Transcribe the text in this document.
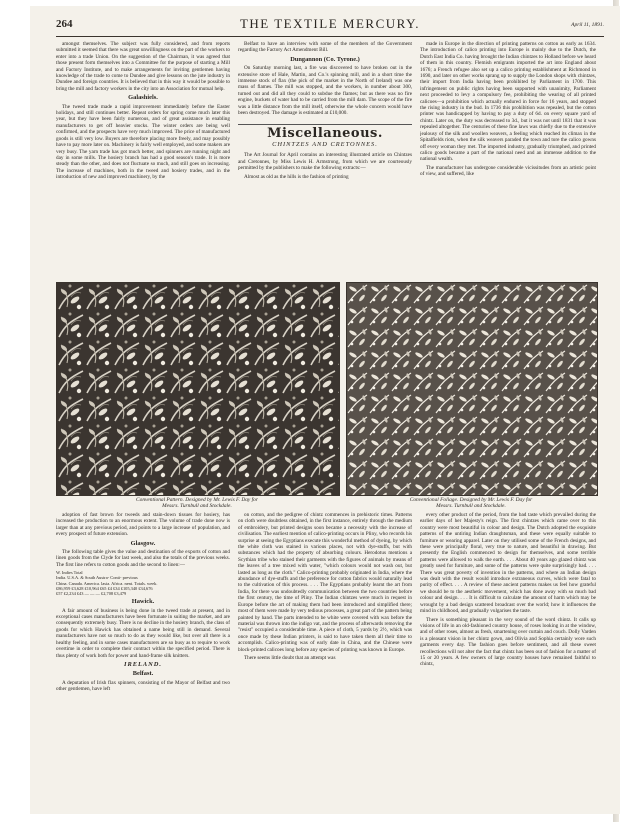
264	THE TEXTILE MERCURY.	April 11, 1891.

amongst themselves. The subject was fully considered, and from reports submitted it seemed that there was great unwillingness on the part of the workers to enter into a trade Union. On the suggestion of the Chairman, it was agreed that those present form themselves into a Committee for the purpose of starting a Mill and Factory Institute, and to make arrangements for inviting gentlemen having knowledge of the trade to come to Dundee and give lessons on the jute industry in Dundee and foreign countries. It is believed that in this way it would be possible to bring the mill and factory workers in the city into an Association for mutual help.

Galashiels.

The tweed trade made a rapid improvement immediately before the Easter holidays, and still continues better. Repeat orders for spring come much later this year, but they have been fairly numerous, and of great assistance in enabling manufacturers to get off heavier stocks. The winter orders are being well confirmed, and the prospects have very much improved. The price of manufactured goods is still very low. Buyers are therefore placing more freely, and may possibly have to pay more later on. Machinery is fairly well employed, and some makers are very busy. The yarn trade has got much better, and spinners are running night and day in some mills. The hosiery branch has had a good season's trade. It is more steady than the other, and does not fluctuate so much, and still goes on increasing. The increase of machines, both in the tweed and hosiery trades, and in the introduction of new and improved machinery, by the

Belfast to have an interview with some of the members of the Government regarding the Factory Act Amendment Bill.

Dungannon (Co. Tyrone.)

On Saturday morning last, a fire was discovered to have broken out in the extensive store of Hale, Martin, and Co.'s spinning mill, and in a short time the immense stock of flax (the pick of the market in the North of Ireland) was one mass of flames. The mill was stopped, and the workers, in number about 300, turned out and did all they could to subdue the flames; but as there was no fire engine, buckets of water had to be carried from the mill dam. The scope of the fire was a little distance from the mill itself, otherwise the whole concern would have been destroyed. The damage is estimated at £10,000.

Miscellaneous.
CHINTZES AND CRETONNES.

The Art Journal for April contains an interesting illustrated article on Chintzes and Cretonnes, by Miss Lewis H. Armstrong, from which we are courteously permitted by the publishers to make the following extracts:—

Almost as old as the hills is the fashion of printing

made in Europe in the direction of printing patterns on cotton as early as 1634. The introduction of calico printing into Europe is mainly due to the Dutch, the Dutch East India Co. having brought the Indian chintzes to Holland before we heard of them in this country. Flemish emigrants imported the art into England about 1676; a French refugee also set up a calico printing establishment at Richmond in 1690, and later on other works sprang up to supply the London shops with chintzes, their import from India having been prohibited by Parliament in 1700. This infringement on public rights having been supported with unanimity, Parliament next proceeded to levy a compulsory fee, prohibiting the wearing of all printed calicoes—a prohibition which actually endured in force for 16 years, and stopped the rising industry in the bud. In 1736 this prohibition was repealed, but the cotton printer was handicapped by having to pay a duty of 6d. on every square yard of chintz. Later on, the duty was decreased to 3d., but it was not until 1831 that it was repealed altogether. The centuries of these fine laws was chiefly due to the extensive jealousy of the silk and woollen weavers, a feeling which reached its climax in the Spitalfields riots, when the silk weavers paraded the town and tore the calico gowns off every woman they met. The imported industry, gradually triumphed, and printed calico goods became a part of the national need and an immense addition to the national wealth.

The manufacturer has undergone considerable vicissitudes from an artistic point of view, and suffered, like

Conventional Pattern. Designed by Mr. Lewis F. Day for
Messrs. Turnbull and Stockdale.
Conventional Foliage. Designed by Mr. Lewis F. Day for
Messrs. Turnbull and Stockdale.

adoption of fast brown for tweeds and stain-down tissues for hosiery, has increased the production to an enormous extent. The volume of trade done now is larger than at any previous period, and points to a large increase of population, and every prospect of future extension.

Glasgow.

The following table gives the value and destination of the exports of cotton and linen goods from the Clyde for last week, and also the totals of the previous weeks. The first line refers to cotton goods and the second to linen:—

W. Indies Total
India. U.S.A. & South Austra- Conti- previous
China. Canada. America. lasia. Africa. nent. Totals. week.
£86,959 £3,628 £10,964 £65 £4 £34 £105,340 £34,676
£57 £2,234 £43 — — — £2,708 £3,479
Hawick.

A fair amount of business is being done in the tweed trade at present, and in exceptional cases manufacturers have been fortunate in suiting the market, and are consequently extremely busy. There is no decline in the hosiery branch, the class of goods for which Hawick has obtained a name being still in demand. Several manufacturers have not so much to do as they would like, but over all there is a healthy feeling, and in some cases manufacturers are so busy as to require to work overtime in order to complete their contract within the specified period. There is thus plenty of work both for power and hand-frame silk knitters.

IRELAND.
Belfast.

A deputation of Irish flax spinners, consisting of the Mayor of Belfast and two other gentlemen, have left

on cotton, and the pedigree of chintz commences in prehistoric times. Patterns on cloth were doubtless obtained, in the first instance, entirely through the medium of embroidery, but printed designs soon became a necessity with the increase of civilisation. The earliest mention of calico-printing occurs in Pliny, who records his surprise at seeing the Egyptians execute this wonderful method of dyeing, by which the white cloth was stained in various places, not with dye-stuffs, but with substances which had the property of absorbing colours. Herodotus mentions a Scythian tribe who stained their garments with the figures of animals by means of the leaves of a tree mixed with water, "which colours would not wash out, but lasted as long as the cloth." Calico-printing probably originated in India, where the abundance of dye-stuffs and the preference for cotton fabrics would naturally lead to the cultivation of this process. . . . The Egyptians probably learnt the art from India, for there was undoubtedly communication between the two countries before the first century, the time of Pliny. The Indian chintzes were much in request in Europe before the art of making them had been introduced and simplified there; most of them were made by very tedious processes, a great part of the pattern being painted by hand. The parts intended to be white were covered with wax before the material was thrown into the indigo vat, and the process of afterwards removing the "resist" occupied a considerable time. A piece of cloth, 5 yards by 2½, which was once made by these Indian printers, is said to have taken them all their time to accomplish. Calico-printing was of early date in China, and the Chinese were block-printed calicoes long before any species of printing was known in Europe.

There seems little doubt that an attempt was

every other product of the period, from the bad taste which prevailed during the earlier days of her Majesty's reign. The first chintzes which came over to this country were most beautiful in colour and design. The Dutch adopted the exquisite patterns of the untiring Indian draughtsman, and these were equally suitable to furniture or wearing apparel. Later on they utilised some of the French designs, and these were principally floral, very true to nature, and beautiful in drawing. But presently the English commenced to design for themselves, and some terrible patterns were allowed to walk the earth. . . . About 40 years ago glazed chintz was greatly used for furniture, and some of the patterns were quite surprisingly bad. . . . There was great poverty of invention in the patterns, and where an Indian design was dealt with the result would introduce extraneous curves, which were fatal to purity of effect. . . . A review of these ancient patterns makes us feel how grateful we should be to the aesthetic movement, which has done away with so much bad colour and design. . . . It is difficult to calculate the amount of harm which may be wrought by a bad design scattered broadcast over the world; how it influences the mind in childhood, and gradually vulgarises the taste.

There is something pleasant in the very sound of the word chintz. It calls up visions of life in an old-fashioned country house, of roses looking in at the window, and of other roses, almost as fresh, smartening over curtain and couch. Dolly Varden is a pleasant vision in her chintz gown, and Olivia and Sophia certainly wore such garments every day. The fashion goes before sentiment, and all these sweet recollections will not alter the fact that chintz has been out of fashion for a matter of 15 or 20 years. A few owners of large country houses have remained faithful to chintz,
